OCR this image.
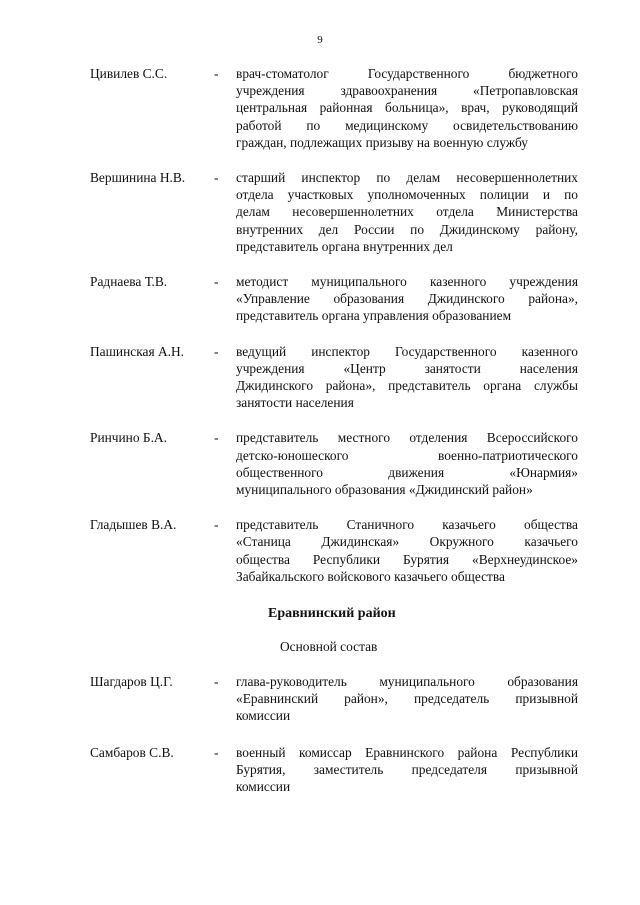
9
Цивилев С.С.	-	врач-стоматолог Государственного бюджетного
учреждения здравоохранения «Петропавловская
центральная районная больница», врач, руководящий
работой по медицинскому освидетельствованию
граждан, подлежащих призыву на военную службу
Вершинина Н.В.	-	старший инспектор по делам несовершеннолетних
отдела участковых уполномоченных полиции и по
делам несовершеннолетних отдела Министерства
внутренних дел России по Джидинскому району,
представитель органа внутренних дел
Раднаева Т.В.	-	методист муниципального казенного учреждения
«Управление образования Джидинского района»,
представитель органа управления образованием
Пашинская А.Н.	-	ведущий инспектор Государственного казенного
учреждения «Центр занятости населения
Джидинского района», представитель органа службы
занятости населения
Ринчино Б.А.	-	представитель местного отделения Всероссийского
детско-юношеского военно-патриотического
общественного движения «Юнармия»
муниципального образования «Джидинский район»
Гладышев В.А.	-	представитель Станичного казачьего общества
«Станица Джидинская» Окружного казачьего
общества Республики Бурятия «Верхнеудинское»
Забайкальского войскового казачьего общества
Еравнинский район
Основной состав
Шагдаров Ц.Г.	-	глава-руководитель муниципального образования
«Еравнинский район», председатель призывной
комиссии
Самбаров С.В.	-	военный комиссар Еравнинского района Республики
Бурятия, заместитель председателя призывной
комиссии
